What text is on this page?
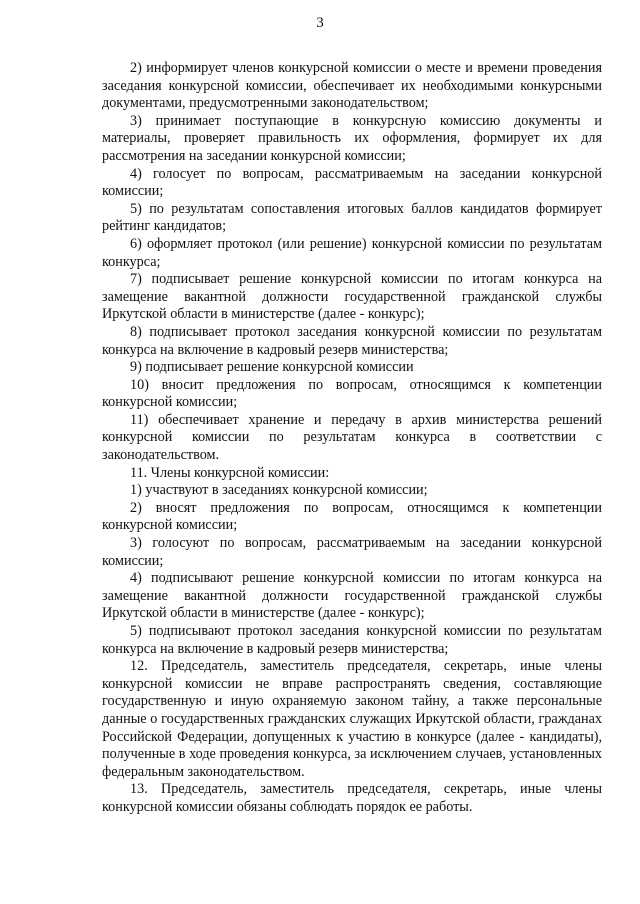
3

2) информирует членов конкурсной комиссии о месте и времени проведения заседания конкурсной комиссии, обеспечивает их необходимыми конкурсными документами, предусмотренными законодательством;

3) принимает поступающие в конкурсную комиссию документы и материалы, проверяет правильность их оформления, формирует их для рассмотрения на заседании конкурсной комиссии;

4) голосует по вопросам, рассматриваемым на заседании конкурсной комиссии;

5) по результатам сопоставления итоговых баллов кандидатов формирует рейтинг кандидатов;

6) оформляет протокол (или решение) конкурсной комиссии по результатам конкурса;

7) подписывает решение конкурсной комиссии по итогам конкурса на замещение вакантной должности государственной гражданской службы Иркутской области в министерстве (далее - конкурс);

8) подписывает протокол заседания конкурсной комиссии по результатам конкурса на включение в кадровый резерв министерства;

9) подписывает решение конкурсной комиссии

10) вносит предложения по вопросам, относящимся к компетенции конкурсной комиссии;

11) обеспечивает хранение и передачу в архив министерства решений конкурсной комиссии по результатам конкурса в соответствии с законодательством.

11. Члены конкурсной комиссии:

1) участвуют в заседаниях конкурсной комиссии;

2) вносят предложения по вопросам, относящимся к компетенции конкурсной комиссии;

3) голосуют по вопросам, рассматриваемым на заседании конкурсной комиссии;

4) подписывают решение конкурсной комиссии по итогам конкурса на замещение вакантной должности государственной гражданской службы Иркутской области в министерстве (далее - конкурс);

5) подписывают протокол заседания конкурсной комиссии по результатам конкурса на включение в кадровый резерв министерства;

12. Председатель, заместитель председателя, секретарь, иные члены конкурсной комиссии не вправе распространять сведения, составляющие государственную и иную охраняемую законом тайну, а также персональные данные о государственных гражданских служащих Иркутской области, гражданах Российской Федерации, допущенных к участию в конкурсе (далее - кандидаты), полученные в ходе проведения конкурса, за исключением случаев, установленных федеральным законодательством.

13. Председатель, заместитель председателя, секретарь, иные члены конкурсной комиссии обязаны соблюдать порядок ее работы.
